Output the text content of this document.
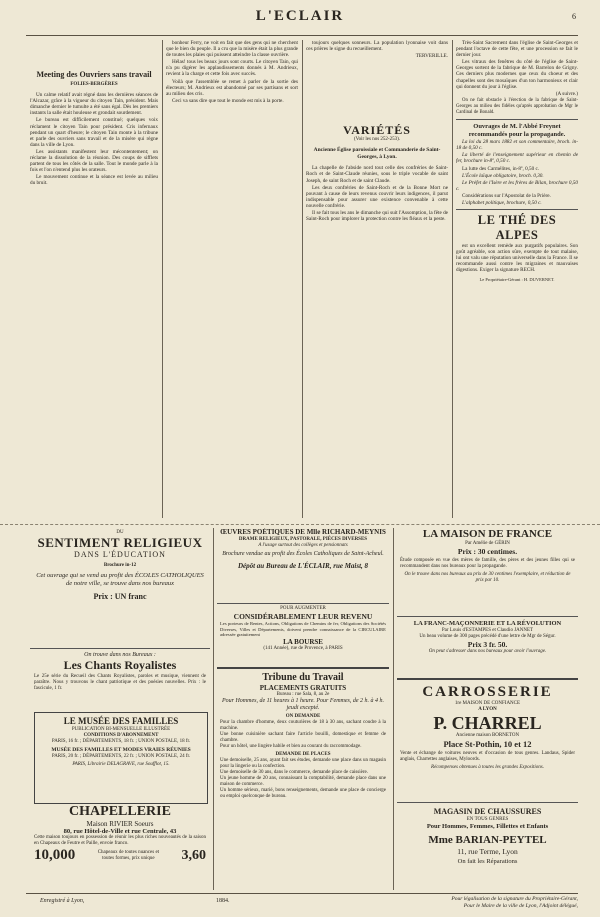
L'ECLAIR	6
Meeting des Ouvriers sans travail
FOLIES-BERGÈRES

Un calme relatif avait régné dans les dernières séances de l'Alcazar, grâce à la vigueur du citoyen Tain, président. Mais dimanche dernier le tumulte a été sans égal. Dès les premiers instants la salle était houleuse et grondait sourdement.

Le bureau est difficilement constitué; quelques voix réclament le citoyen Tain pour président. Cris infernaux pendant un quart d'heure; le citoyen Tain monte à la tribune et parle des ouvriers sans travail et de la misère qui règne dans la ville de Lyon.

Les assistants manifestent leur mécontentement; on réclame la dissolution de la réunion. Des coups de sifflets partent de tous les côtés de la salle. Tout le monde parle à la fois et l'on n'entend plus les orateurs.

Le mouvement continue et la séance est levée au milieu du bruit.

bonheur Ferry, ne voit en fait que des gens qui ne cherchent que le bien du peuple. Il a cru que la misère était la plus grande de toutes les plaies qui puissent atteindre la classe ouvrière.

Hélas! tous les beaux jours sont courts. Le citoyen Tain, qui n'a pu digérer les applaudissements donnés à M. Andrieux, revient à la charge et cette fois avec succès.

Voilà que l'assemblée se remet à parler de la sortie des électeurs; M. Andrieux est abandonné par ses partisans et sort au milieu des cris.

Ceci va sans dire que tout le monde est mis à la porte.

toujours quelques sonneurs. La population lyonnaise voit dans ces prières le signe du recueillement.

TERVERILLE.

VARIÉTÉS
(Voir les nos 252-253).
Ancienne Église paroissiale et Commanderie de Saint-Georges, à Lyon.

La chapelle de l'abside nord tout celle des confréries de Saint-Roch et de Saint-Claude réunies, sous le triple vocable de saint Joseph, de saint Roch et de saint Claude.

Les deux confréries de Saint-Roch et de la Bonne Mort ne pouvant à cause de leurs revenus couvrir leurs indigences, il parut indispensable pour assurer une existence convenable à cette nouvelle confrérie.

Il se fait tous les ans le dimanche qui suit l'Assomption, la fête de Saint-Roch pour implorer la protection contre les fléaux et la peste.

Très-Saint Sacrement dans l'église de Saint-Georges et pendant l'octave de cette fête, et une procession se fait le dernier jour.

Les vitraux des fenêtres du côté de l'église de Saint-Georges sortent de la fabrique de M. Barrelon de Grigny. Ces derniers plus modernes que ceux du choeur et des chapelles sont des mosaïques d'un ton harmonieux et clair qui donnent du jour à l'église.

(A suivre.)

On ne fait obstacle à l'érection de la fabrique de Saint-Georges au milieu des fidèles qu'après approbation de Mgr le Cardinal de Bonald.

Ouvrages de M. l'Abbé Freynet recommandés pour la propagande.

La loi du 28 mars 1882 et son commentaire, broch. in-18 de 0,50 c.

La liberté de l'enseignement supérieur en chemin de fer, brochure in-8º, 0,50 c.

La lutte des Carmélites, in-8º, 0,50 c.

L'École laïque obligatoire, broch. 0,30.

Le Préfet de l'Isère et les frères de Bilan, brochure 0,50 c.

Considérations sur l'Apostolat de la Prière.

L'alphabet politique, brochure, 0,50 c.

LE THÉ DES ALPES

est un excellent remède aux purgatifs populaires. Son goût agréable, son action sûre, exempte de tout malaise, lui ont valu une réputation universelle dans la France. Il se recommande aussi contre les migraines et mauvaises digestions. Exiger la signature RECH.

Le Propriétaire-Gérant : H. DUVERNET.
DU
SENTIMENT RELIGIEUX
DANS L'ÉDUCATION
Brochure in-12
Cet ouvrage qui se vend au profit des ÉCOLES CATHOLIQUES de notre ville, se trouve dans nos bureaux
Prix : UN franc
On trouve dans nos Bureaux :
Les Chants Royalistes
Le 25e série du Recueil des Chants Royalistes, paroles et musique, viennent de paraître. Nous y trouvons le chant patriotique et des poésies nouvelles. Prix : le fascicule, 1 fr.
LE MUSÉE DES FAMILLES
PUBLICATION BI-MENSUELLE ILLUSTRÉE
CONDITIONS D'ABONNEMENT
PARIS, 16 fr. ; DÉPARTEMENTS, 18 fr. ; UNION POSTALE, 18 fr.
MUSÉE DES FAMILLES ET MODES VRAIES RÉUNIES
PARIS, 20 fr. ; DÉPARTEMENTS, 22 fr. ; UNION POSTALE, 24 fr.
PARIS, Librairie DELAGRAVE, rue Soufflot, 15.
CHAPELLERIE
Maison RIVIER Soeurs
80, rue Hôtel-de-Ville et rue Centrale, 43
Cette maison toujours en possession de réunir les plus riches nouveautés de la saison en Chapeaux de Feutre et Paille, envoie franco.
10,000	Chapeaux de toutes nuances et toutes formes, prix unique	3,60
ŒUVRES POÉTIQUES DE Mlle RICHARD-MEYNIS
DRAME RELIGIEUX, PASTORALE, PIÈCES DIVERSES
A l'usage surtout des collèges et pensionnats
Brochure vendue au profit des Écoles Catholiques de Saint-Acheul.
Dépôt au Bureau de L'ÉCLAIR, rue Maist, 8
POUR AUGMENTER
CONSIDÉRABLEMENT LEUR REVENU
Les porteurs de Rentes, Actions, Obligations de Chemins de fer, Obligations des Sociétés Diverses, Villes et Départements, doivent prendre connaissance de la CIRCULAIRE adressée gratuitement
LA BOURSE
(141 Année), rue de Provence, à PARIS
Tribune du Travail
PLACEMENTS GRATUITS
Bureau : rue Sala, 8, au 2e
Pour Hommes, de 11 heures à 1 heure. Pour Femmes, de 2 h. à 4 h. jeudi excepté.
ON DEMANDE
Pour la chambre d'homme, deux couturières de 18 à 30 ans, sachant coudre à la machine.
Une bonne cuisinière sachant faire l'article bouilli, domestique et femme de chambre.
Pour un hôtel, une lingère habile et bien au courant du raccommodage.
DEMANDE DE PLACES
Une demoiselle, 25 ans, ayant fait ses études, demande une place dans un magasin pour la lingerie ou la confection.
Une demoiselle de 30 ans, dans le commerce, demande place de caissière.
Un jeune homme de 20 ans, connaissant la comptabilité, demande place dans une maison de commerce.
Un homme sérieux, marié, bons renseignements, demande une place de concierge ou emploi quelconque de bureau.
LA MAISON DE FRANCE
Par Amélie de GÉRIN
Prix : 30 centimes.
Étude composée en vue des mères de famille, des pères et des jeunes filles qui se recommandent dans nos bureaux pour la propagande.
On le trouve dans nos bureaux au prix de 30 centimes l'exemplaire, et réduction de prix par 10.
LA FRANC-MAÇONNERIE ET LA RÉVOLUTION
Par Louis d'ESTAMPES et Claudio JANNET
Un beau volume de 300 pages précédé d'une lettre de Mgr de Ségur.
Prix 3 fr. 50.
On peut s'adresser dans nos bureaux pour avoir l'ouvrage.
CARROSSERIE
1re MAISON DE CONFIANCE
A LYON
P. CHARREL
Ancienne maison BORNETON
Place St-Pothin, 10 et 12
Vente et échange de voitures neuves et d'occasion de tous genres. Landaus, Spider anglais, Charrettes anglaises, Myloords.
Récompenses obtenues à toutes les grandes Expositions.
MAGASIN DE CHAUSSURES
EN TOUS GENRES
Pour Hommes, Femmes, Fillettes et Enfants
Mme BARIAN-PEYTEL
11, rue Terme, Lyon
On fait les Réparations
Enregistré à Lyon,	1884.	Pour légalisation de la signature du Propriétaire-Gérant,
Pour le Maire de la ville de Lyon, l'Adjoint délégué,
